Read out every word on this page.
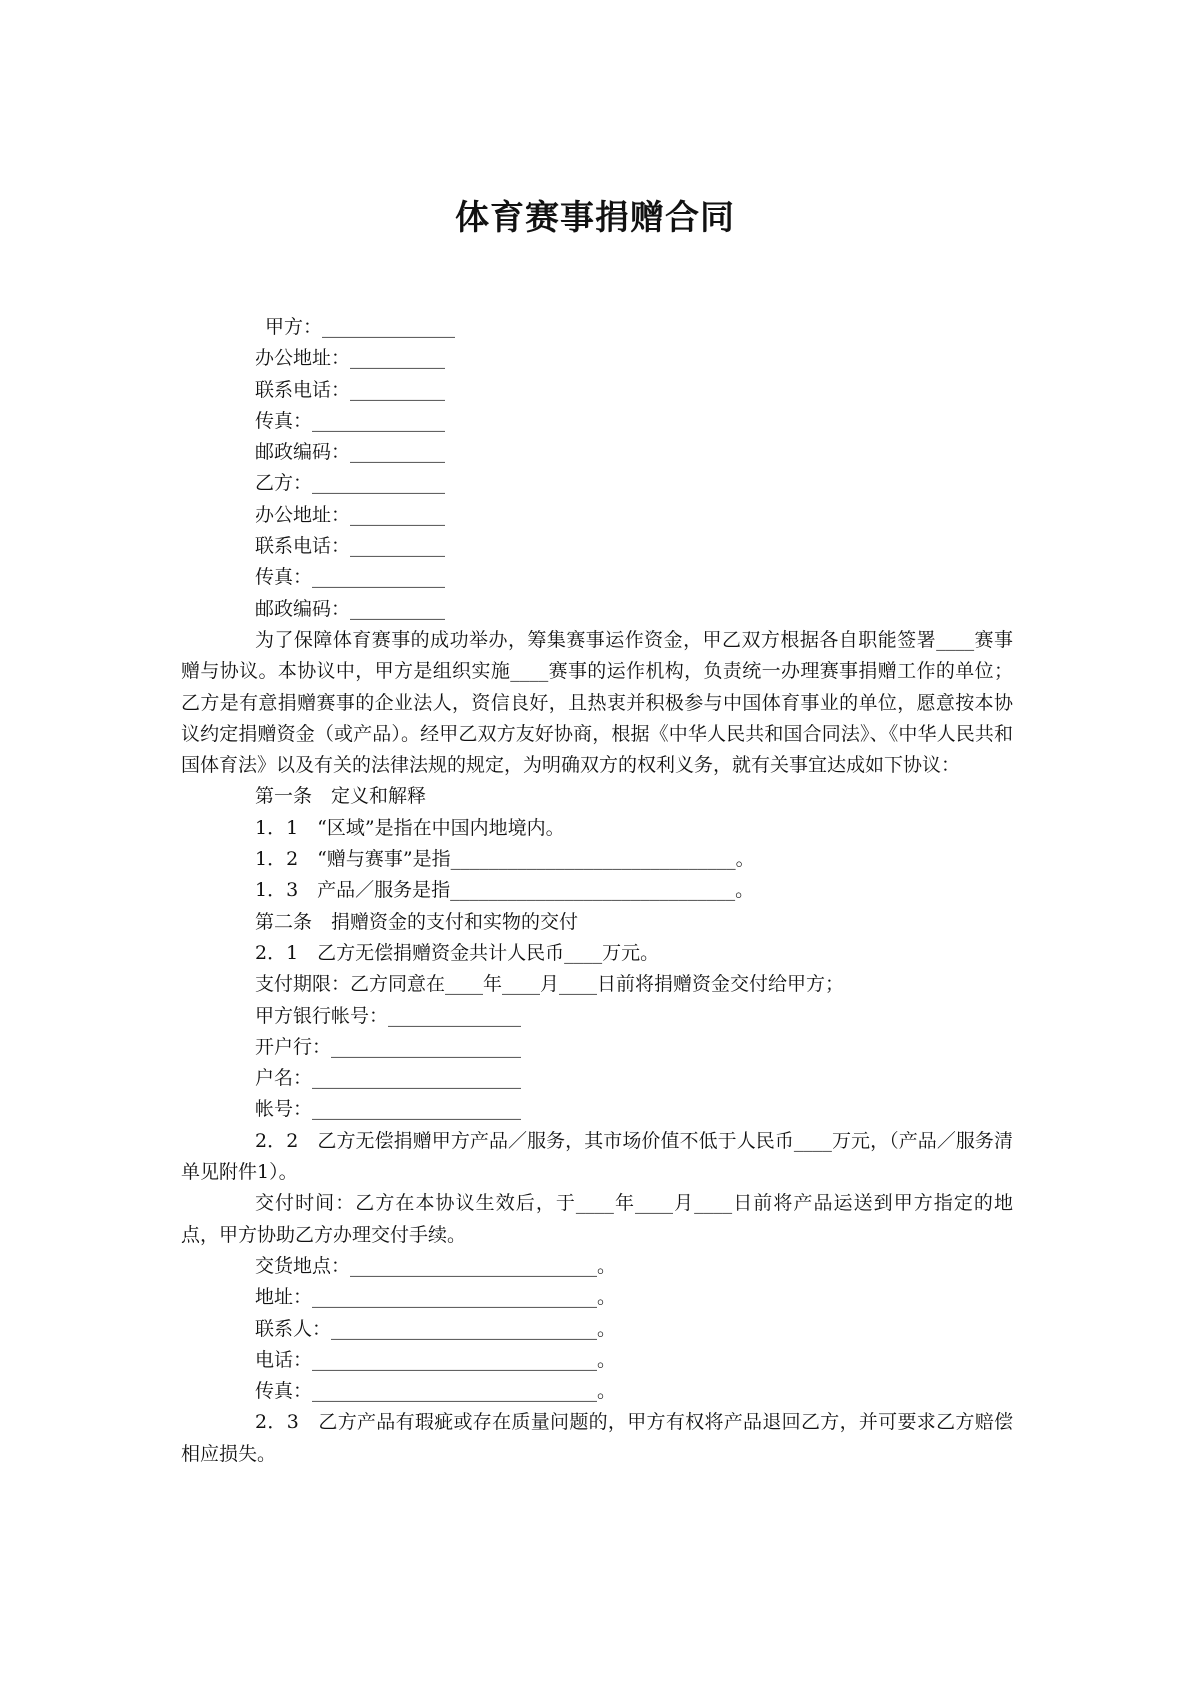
体育赛事捐赠合同
甲方：______________
办公地址：__________
联系电话：__________
传真：______________
邮政编码：__________
乙方：______________
办公地址：__________
联系电话：__________
传真：______________
邮政编码：__________
为了保障体育赛事的成功举办，筹集赛事运作资金，甲乙双方根据各自职能签署____赛事赠与协议。本协议中，甲方是组织实施____赛事的运作机构，负责统一办理赛事捐赠工作的单位；乙方是有意捐赠赛事的企业法人，资信良好，且热衷并积极参与中国体育事业的单位，愿意按本协议约定捐赠资金（或产品）。经甲乙双方友好协商，根据《中华人民共和国合同法》、《中华人民共和国体育法》以及有关的法律法规的规定，为明确双方的权利义务，就有关事宜达成如下协议：
第一条　定义和解释
1．1　“区域”是指在中国内地境内。
1．2　“赠与赛事”是指______________________________。
1．3　产品／服务是指______________________________。
第二条　捐赠资金的支付和实物的交付
2．1　乙方无偿捐赠资金共计人民币____万元。
支付期限：乙方同意在____年____月____日前将捐赠资金交付给甲方；
甲方银行帐号：______________
开户行：____________________
户名：______________________
帐号：______________________
2．2　乙方无偿捐赠甲方产品／服务，其市场价值不低于人民币____万元，（产品／服务清单见附件1）。
交付时间：乙方在本协议生效后，于____年____月____日前将产品运送到甲方指定的地点，甲方协助乙方办理交付手续。
交货地点：__________________________。
地址：______________________________。
联系人：____________________________。
电话：______________________________。
传真：______________________________。
2．3　乙方产品有瑕疵或存在质量问题的，甲方有权将产品退回乙方，并可要求乙方赔偿相应损失。
